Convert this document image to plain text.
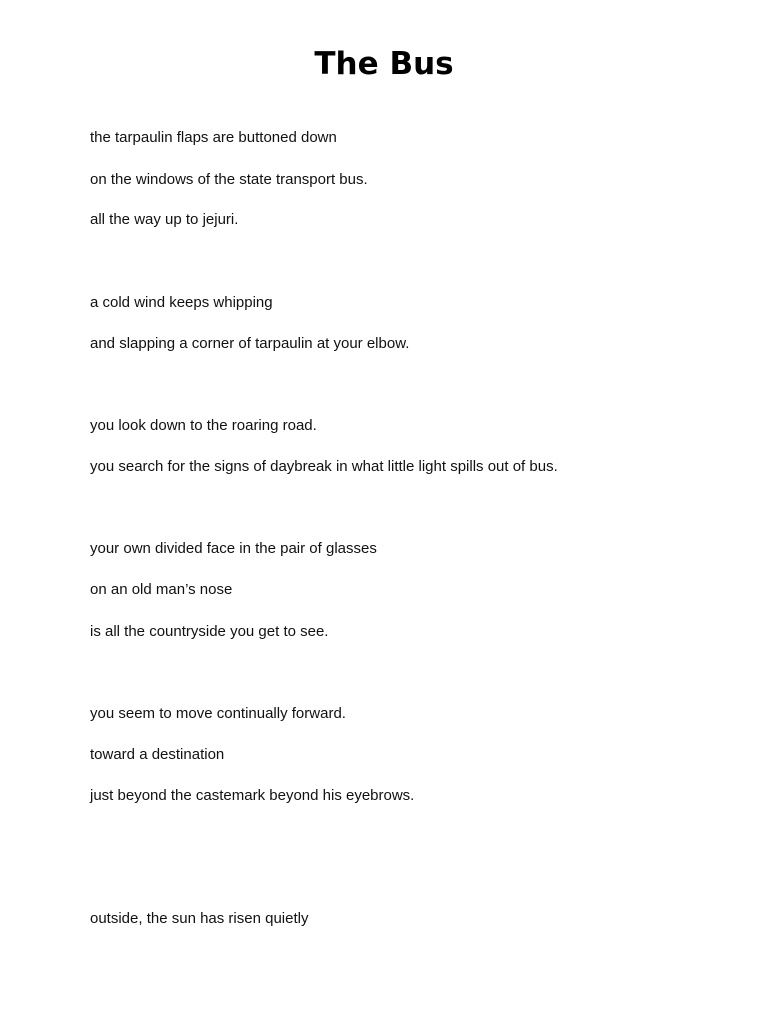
The Bus

the tarpaulin flaps are buttoned down

on the windows of the state transport bus.

all the way up to jejuri.

a cold wind keeps whipping

and slapping a corner of tarpaulin at your elbow.

you look down to the roaring road.

you search for the signs of daybreak in what little light spills out of bus.

your own divided face in the pair of glasses

on an old man’s nose

is all the countryside you get to see.

you seem to move continually forward.

toward a destination

just beyond the castemark beyond his eyebrows.

outside, the sun has risen quietly
